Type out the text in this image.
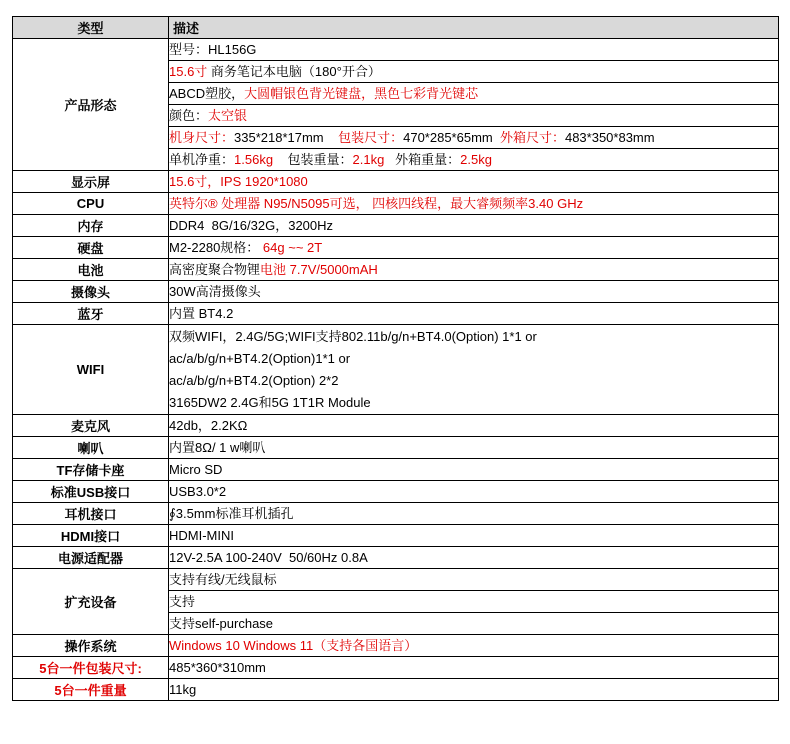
类型	描述
产品形态	型号：HL156G
	15.6寸 商务笔记本电脑（180°开合）
	ABCD塑胶，大圆帽银色背光键盘，黑色七彩背光键芯
	颜色：太空银
	机身尺寸：335*218*17mm    包装尺寸：470*285*65mm  外箱尺寸：483*350*83mm
	单机净重：1.56kg    包装重量：2.1kg   外箱重量：2.5kg
显示屏	15.6寸，IPS 1920*1080
CPU	英特尔® 处理器 N95/N5095可选， 四核四线程，最大睿频频率3.40 GHz
内存	DDR4  8G/16/32G，3200Hz
硬盘	M2-2280规格： 64g ~~ 2T
电池	高密度聚合物锂电池 7.7V/5000mAH
摄像头	30W高清摄像头
蓝牙	内置 BT4.2
WIFI	双频WIFI，2.4G/5G;WIFI支持802.11b/g/n+BT4.0(Option) 1*1 or
ac/a/b/g/n+BT4.2(Option)1*1 or
ac/a/b/g/n+BT4.2(Option) 2*2
3165DW2 2.4G和5G 1T1R Module

麦克风	42db，2.2KΩ
喇叭	内置8Ω/ 1 w喇叭
TF存储卡座	Micro SD
标准USB接口	USB3.0*2
耳机接口	∮3.5mm标准耳机插孔
HDMI接口	HDMI-MINI
电源适配器	12V-2.5A 100-240V  50/60Hz 0.8A
扩充设备	支持有线/无线鼠标
	支持
	支持self-purchase
操作系统	Windows 10 Windows 11（支持各国语言）
5台一件包装尺寸:	485*360*310mm
5台一件重量	11kg
